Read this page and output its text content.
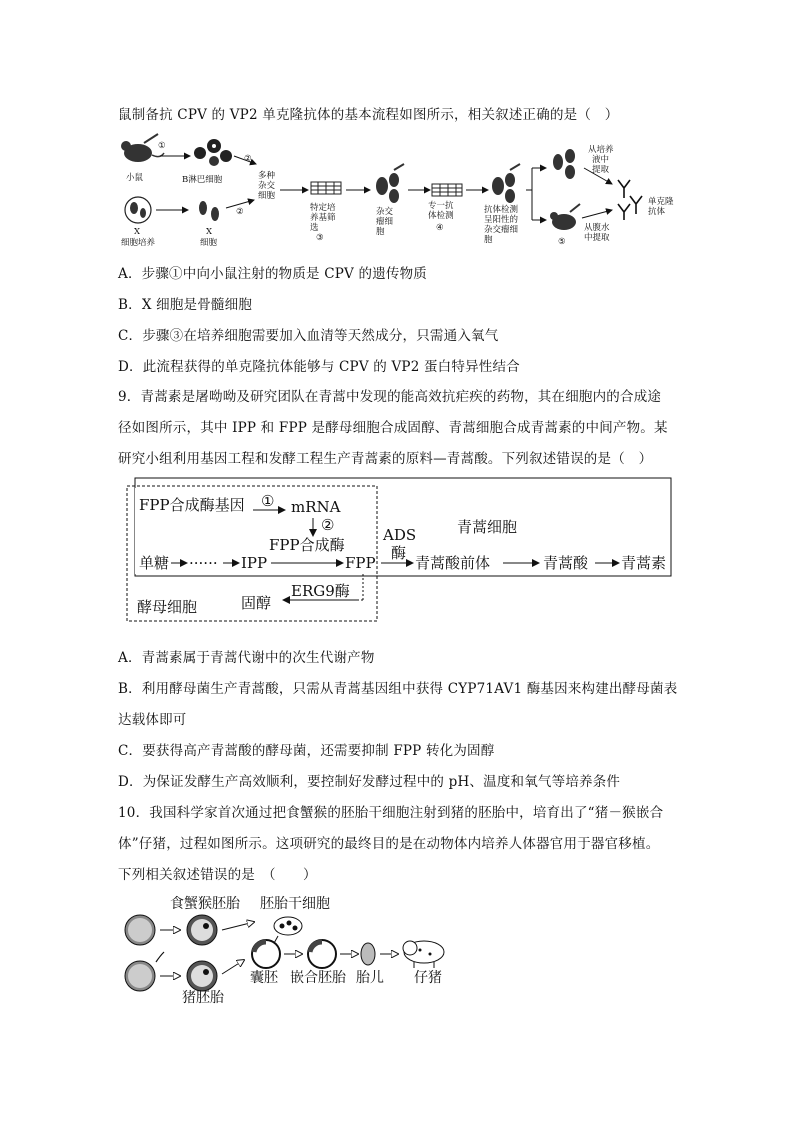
鼠制备抗 CPV 的 VP2 单克隆抗体的基本流程如图所示，相关叙述正确的是（　）
小鼠
①
B淋巴细胞
②
多种
杂交
细胞
X
细胞培养
X
细胞
②	特定培
养基筛
选
③
杂交
瘤细
胞
专一抗
体检测
④
抗体检测
呈阳性的
杂交瘤细
胞
从培养
液中
提取
单克隆
抗体
从腹水
中提取
⑤
A．步骤①中向小鼠注射的物质是 CPV 的遗传物质
B．X 细胞是骨髓细胞
C．步骤③在培养细胞需要加入血清等天然成分，只需通入氧气
D．此流程获得的单克隆抗体能够与 CPV 的 VP2 蛋白特异性结合
9．青蒿素是屠呦呦及研究团队在青蒿中发现的能高效抗疟疾的药物，其在细胞内的合成途
径如图所示，其中 IPP 和 FPP 是酵母细胞合成固醇、青蒿细胞合成青蒿素的中间产物。某
研究小组利用基因工程和发酵工程生产青蒿素的原料—青蒿酸。下列叙述错误的是（　）
FPP合成酶基因 ① mRNA
②
FPP合成酶
单糖 ······ IPP	FPP
ADS
酶
青蒿细胞
青蒿酸前体	青蒿酸 青蒿素
ERG9酶
固醇
酵母细胞
A．青蒿素属于青蒿代谢中的次生代谢产物
B．利用酵母菌生产青蒿酸，只需从青蒿基因组中获得 CYP71AV1 酶基因来构建出酵母菌表
达载体即可
C．要获得高产青蒿酸的酵母菌，还需要抑制 FPP 转化为固醇
D．为保证发酵生产高效顺利，要控制好发酵过程中的 pH、温度和氧气等培养条件
10．我国科学家首次通过把食蟹猴的胚胎干细胞注射到猪的胚胎中，培育出了“猪－猴嵌合
体”仔猪，过程如图所示。这项研究的最终目的是在动物体内培养人体器官用于器官移植。
下列相关叙述错误的是　（　　）
食蟹猴胚胎 胚胎干细胞
猪胚胎
囊胚 嵌合胚胎 胎儿 仔猪
